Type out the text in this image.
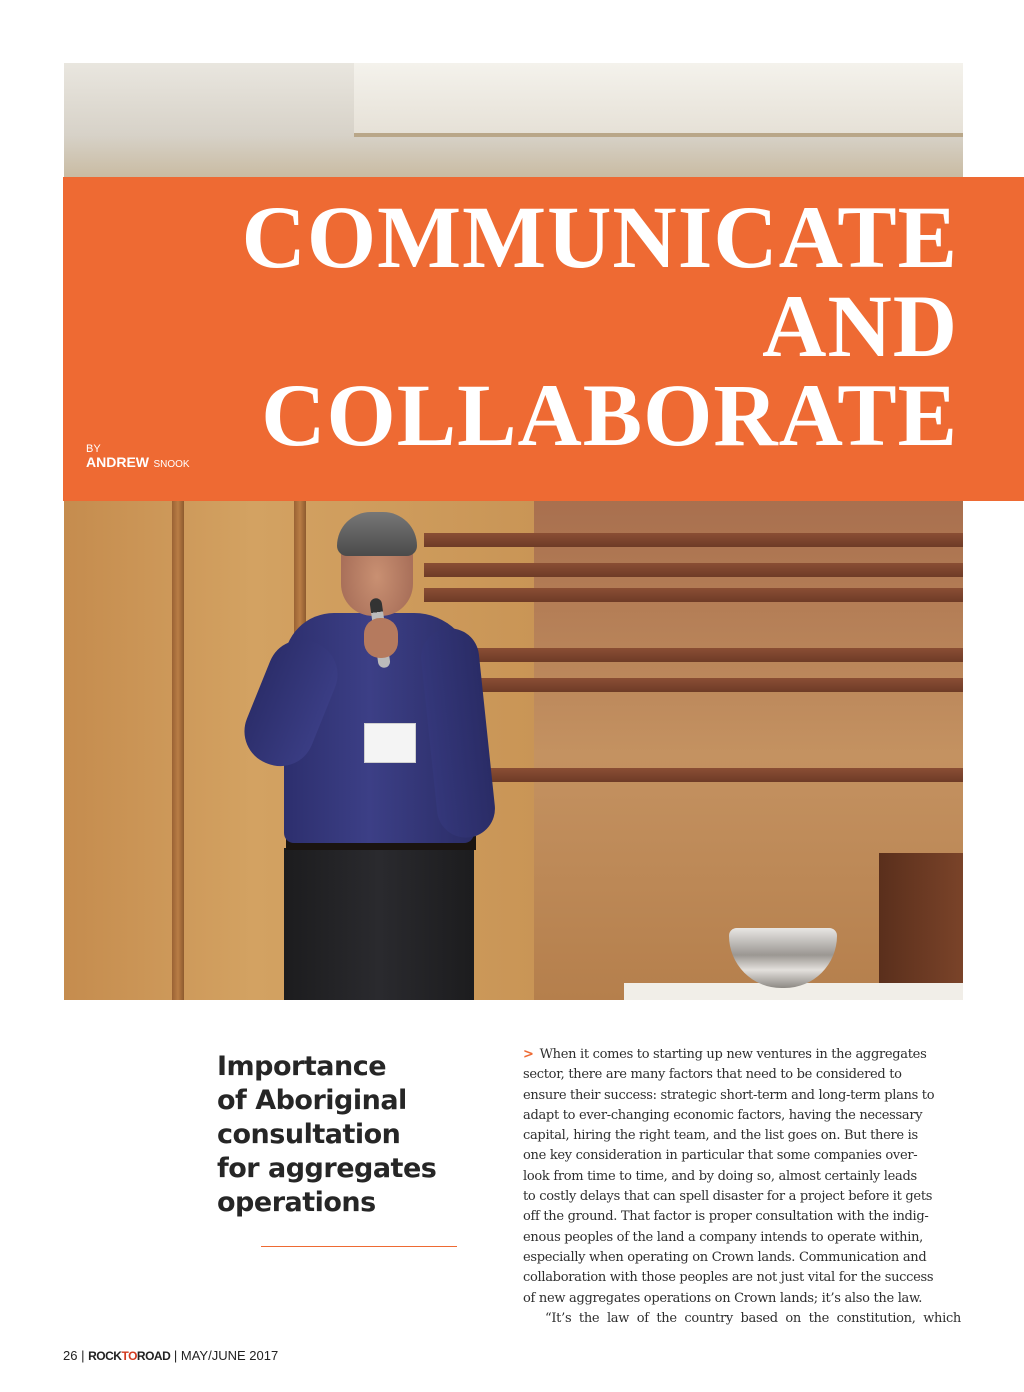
COMMUNICATE
AND
COLLABORATE
BY
ANDREW SNOOK
Importance
of Aboriginal
consultation
for aggregates
operations
> When it comes to starting up new ventures in the aggregates
sector, there are many factors that need to be considered to
ensure their success: strategic short-term and long-term plans to
adapt to ever-changing economic factors, having the necessary
capital, hiring the right team, and the list goes on. But there is
one key consideration in particular that some companies over-
look from time to time, and by doing so, almost certainly leads
to costly delays that can spell disaster for a project before it gets
off the ground. That factor is proper consultation with the indig-
enous peoples of the land a company intends to operate within,
especially when operating on Crown lands. Communication and
collaboration with those peoples are not just vital for the success
of new aggregates operations on Crown lands; it’s also the law.
“It’s the law of the country based on the constitution, which
26 | ROCKTOROAD | MAY/JUNE 2017
